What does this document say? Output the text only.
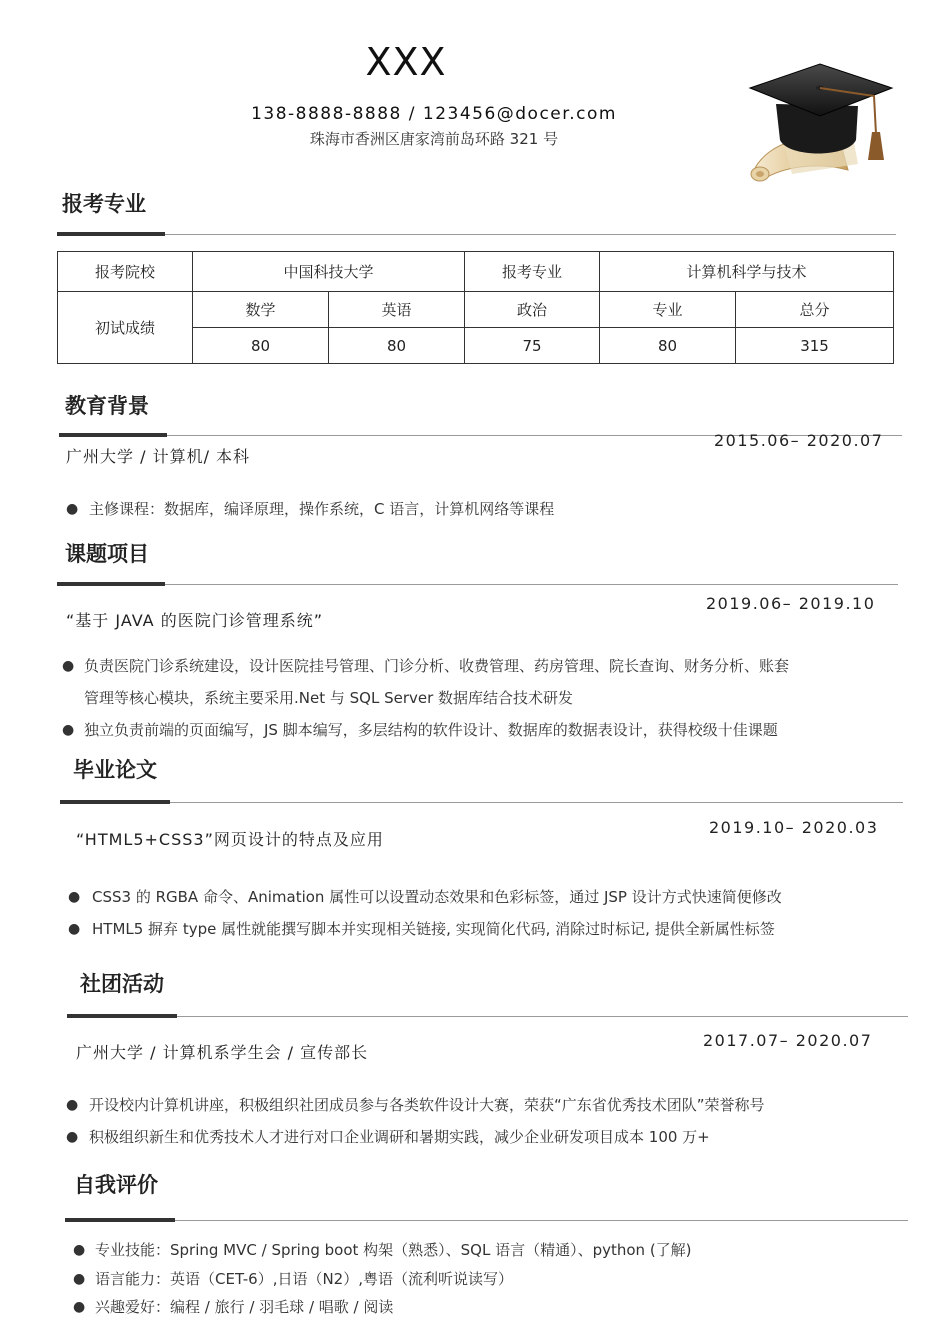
XXX
138-8888-8888 / 123456@docer.com
珠海市香洲区唐家湾前岛环路 321 号
报考专业
报考院校	中国科技大学		报考专业	计算机科学与技术	
初试成绩	数学	英语	政治	专业	总分
	80	80	75	80	315
教育背景
广州大学 / 计算机/ 本科
2015.06– 2020.07
● 主修课程：数据库，编译原理，操作系统，C 语言，计算机网络等课程
课题项目
“基于 JAVA 的医院门诊管理系统”
2019.06– 2019.10
● 负责医院门诊系统建设，设计医院挂号管理、门诊分析、收费管理、药房管理、院长查询、财务分析、账套
管理等核心模块，系统主要采用.Net 与 SQL Server 数据库结合技术研发
● 独立负责前端的页面编写，JS 脚本编写，多层结构的软件设计、数据库的数据表设计，获得校级十佳课题
毕业论文
“HTML5+CSS3”网页设计的特点及应用
2019.10– 2020.03
● CSS3 的 RGBA 命令、Animation 属性可以设置动态效果和色彩标签，通过 JSP 设计方式快速简便修改
● HTML5 摒弃 type 属性就能撰写脚本并实现相关链接, 实现简化代码, 消除过时标记, 提供全新属性标签
社团活动
广州大学 / 计算机系学生会 / 宣传部长
2017.07– 2020.07
● 开设校内计算机讲座，积极组织社团成员参与各类软件设计大赛，荣获“广东省优秀技术团队”荣誉称号
● 积极组织新生和优秀技术人才进行对口企业调研和暑期实践，减少企业研发项目成本 100 万+
自我评价
● 专业技能：Spring MVC / Spring boot 构架（熟悉）、SQL 语言（精通）、python (了解)
● 语言能力：英语（CET-6）,日语（N2）,粤语（流利听说读写）
● 兴趣爱好：编程 / 旅行 / 羽毛球 / 唱歌 / 阅读
